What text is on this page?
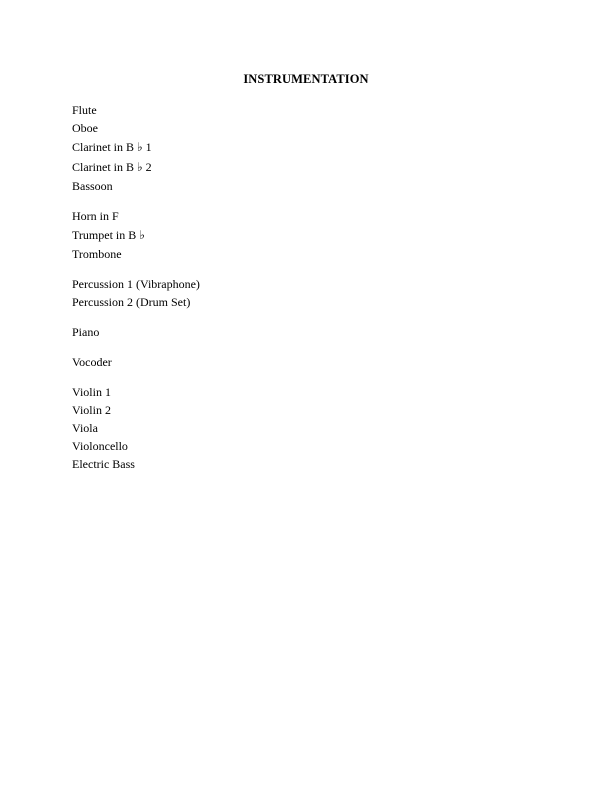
INSTRUMENTATION
Flute
Oboe
Clarinet in B ♭ 1
Clarinet in B ♭ 2
Bassoon
Horn in F
Trumpet in B ♭
Trombone
Percussion 1 (Vibraphone)
Percussion 2 (Drum Set)
Piano
Vocoder
Violin 1
Violin 2
Viola
Violoncello
Electric Bass
